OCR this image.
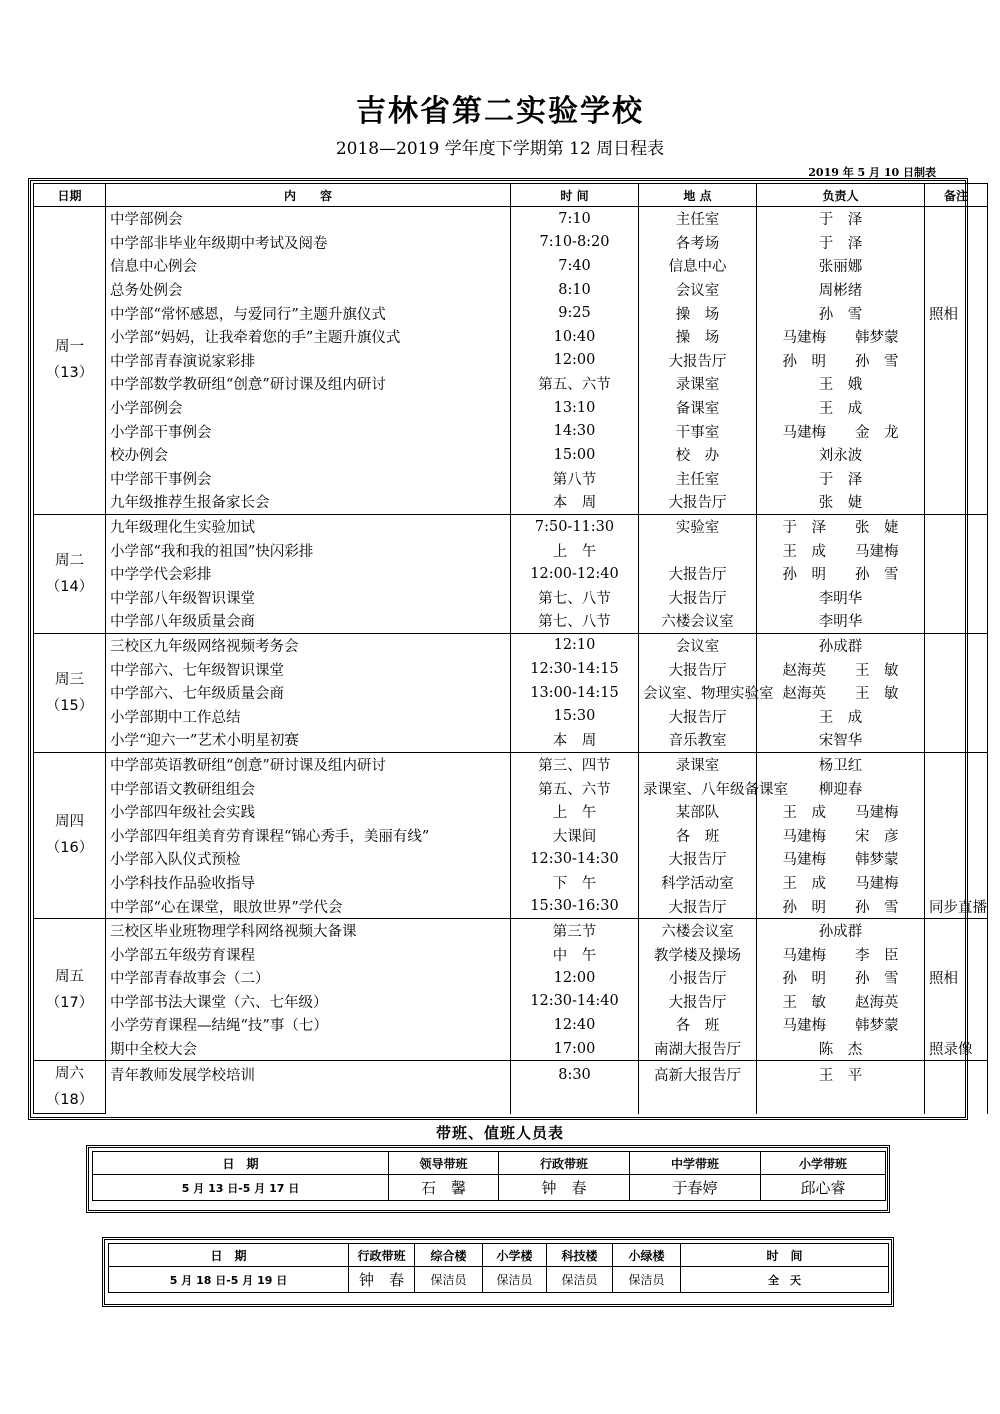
吉林省第二实验学校
2018—2019 学年度下学期第 12 周日程表
2019 年 5 月 10 日制表
日期	内　　容	时 间	地 点	负责人	备注

周一
（13）	中学部例会	7:10	主任室	于　泽	
	中学部非毕业年级期中考试及阅卷	7:10-8:20	各考场	于　泽	
	信息中心例会	7:40	信息中心	张丽娜	
	总务处例会	8:10	会议室	周彬绪	
	中学部“常怀感恩，与爱同行”主题升旗仪式	9:25	操　场	孙　雪	照相
	小学部“妈妈，让我牵着您的手”主题升旗仪式	10:40	操　场	马建梅　　韩梦蒙	
	中学部青春演说家彩排	12:00	大报告厅	孙　明　　孙　雪	
	中学部数学教研组“创意”研讨课及组内研讨	第五、六节	录课室	王　娥	
	小学部例会	13:10	备课室	王　成	
	小学部干事例会	14:30	干事室	马建梅　　金　龙	
	校办例会	15:00	校　办	刘永波	
	中学部干事例会	第八节	主任室	于　泽	
	九年级推荐生报备家长会	本　周	大报告厅	张　婕	

周二
（14）	九年级理化生实验加试	7:50-11:30	实验室	于　泽　　张　婕	
	小学部“我和我的祖国”快闪彩排	上　午		王　成　　马建梅	
	中学学代会彩排	12:00-12:40	大报告厅	孙　明　　孙　雪	
	中学部八年级智识课堂	第七、八节	大报告厅	李明华	
	中学部八年级质量会商	第七、八节	六楼会议室	李明华	

周三
（15）	三校区九年级网络视频考务会	12:10	会议室	孙成群	
	中学部六、七年级智识课堂	12:30-14:15	大报告厅	赵海英　　王　敏	
	中学部六、七年级质量会商	13:00-14:15	会议室、物理实验室	赵海英　　王　敏	
	小学部期中工作总结	15:30	大报告厅	王　成	
	小学“迎六一”艺术小明星初赛	本　周	音乐教室	宋智华	

周四
（16）	中学部英语教研组“创意”研讨课及组内研讨	第三、四节	录课室	杨卫红	
	中学部语文教研组组会	第五、六节	录课室、八年级备课室	柳迎春	
	小学部四年级社会实践	上　午	某部队	王　成　　马建梅	
	小学部四年组美育劳育课程“锦心秀手，美丽有线”	大课间	各　班	马建梅　　宋　彦	
	小学部入队仪式预检	12:30-14:30	大报告厅	马建梅　　韩梦蒙	
	小学科技作品验收指导	下　午	科学活动室	王　成　　马建梅	
	中学部“心在课堂，眼放世界”学代会	15:30-16:30	大报告厅	孙　明　　孙　雪	同步直播

周五
（17）	三校区毕业班物理学科网络视频大备课	第三节	六楼会议室	孙成群	
	小学部五年级劳育课程	中　午	教学楼及操场	马建梅　　李　臣	
	中学部青春故事会（二）	12:00	小报告厅	孙　明　　孙　雪	照相
	中学部书法大课堂（六、七年级）	12:30-14:40	大报告厅	王　敏　　赵海英	
	小学劳育课程—结绳“技”事（七）	12:40	各　班	马建梅　　韩梦蒙	
	期中全校大会	17:00	南湖大报告厅	陈　杰	照录像

周六
（18）	青年教师发展学校培训	8:30	高新大报告厅	王　平	

带班、值班人员表
日　期	领导带班	行政带班	中学带班	小学带班
5 月 13 日-5 月 17 日	石　馨	钟　春	于春婷	邱心睿
日　期	行政带班	综合楼	小学楼	科技楼	小绿楼	时　间
5 月 18 日-5 月 19 日	钟　春	保洁员	保洁员	保洁员	保洁员	全　天
